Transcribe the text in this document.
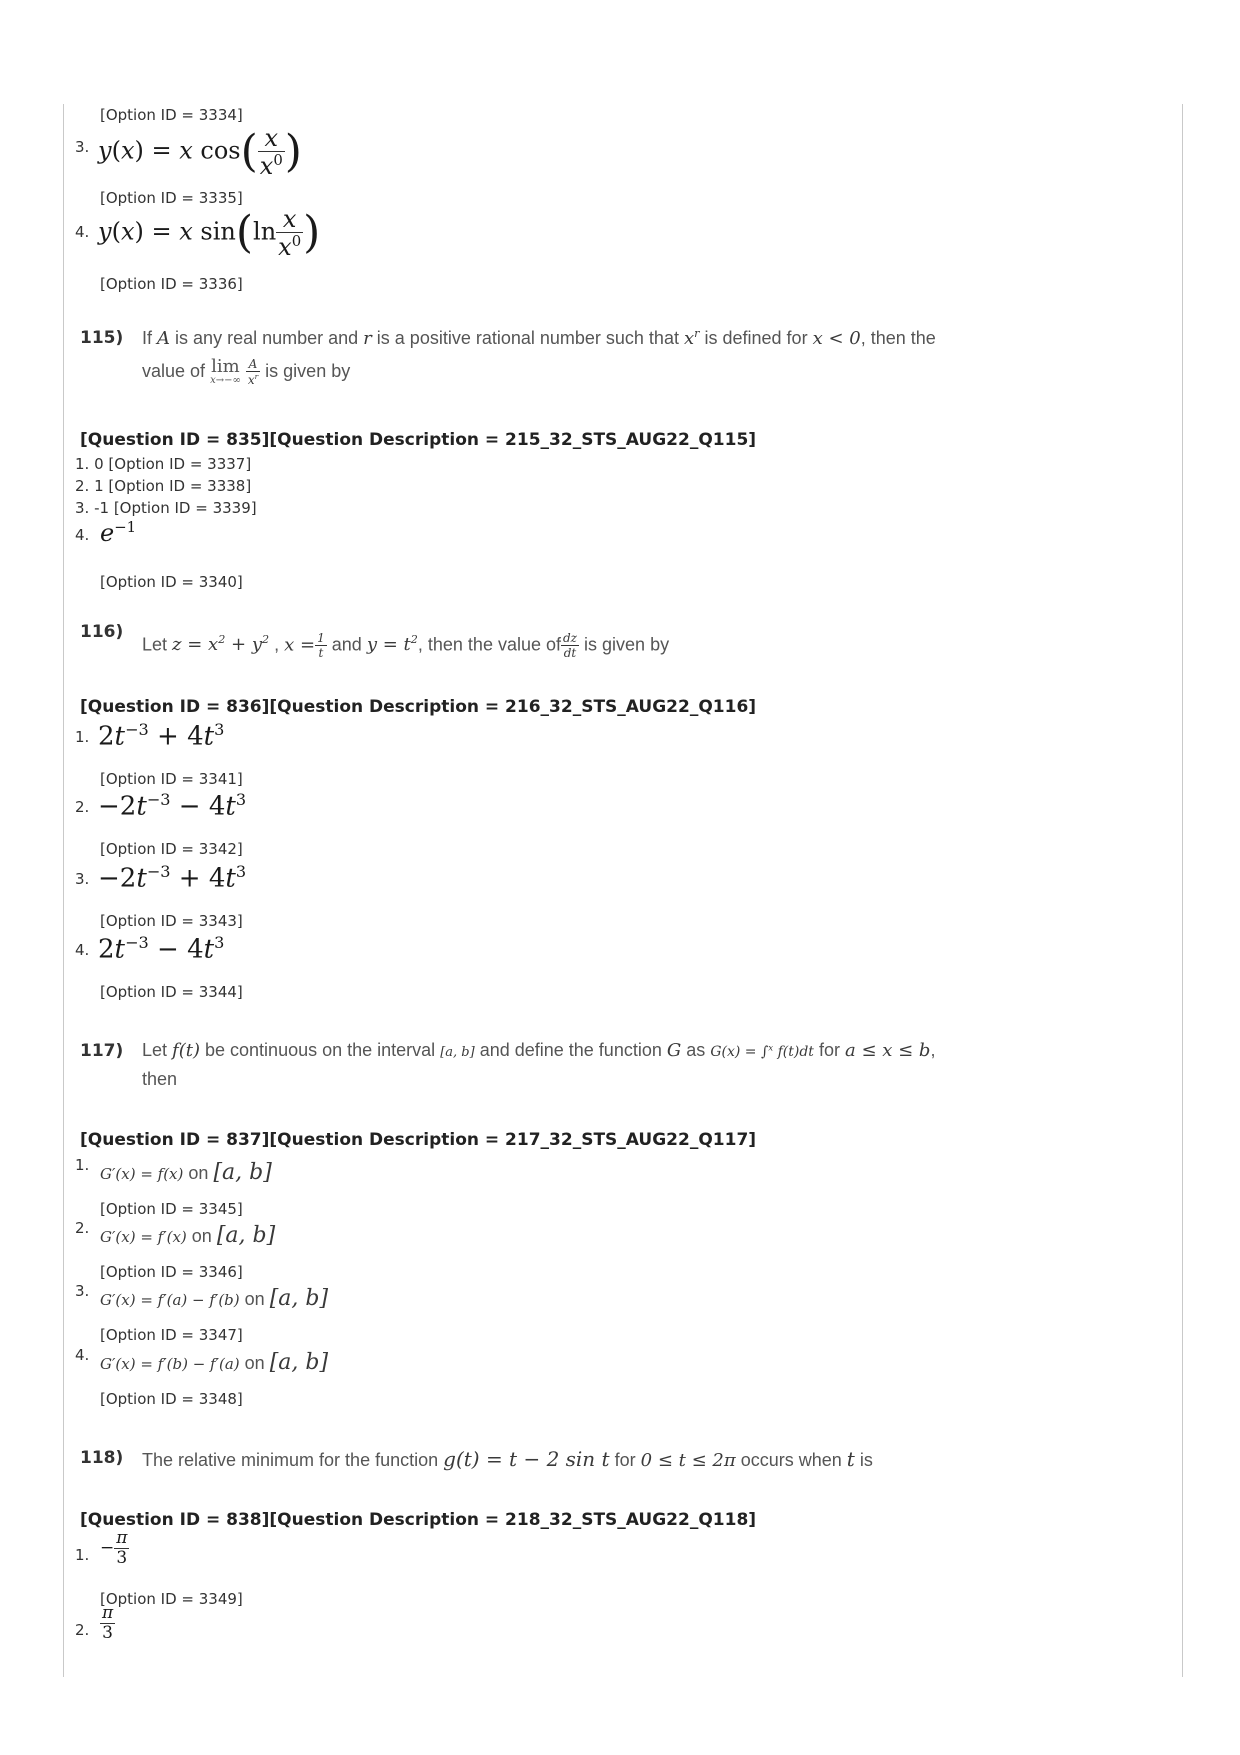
[Option ID = 3334]
3. y(x) = x $\cos( \frac{x}{x^0}$ )
[Option ID = 3335]
4. y(x) = x $\sin(\ln \frac{x}{x^0}$ )
[Option ID = 3336]
115) If A is any real number and r is a positive rational number such that $x^r$ is defined for x < 0, then the
value of lim
x→−∞
$\frac{A}{x^r}$ is given by
[Question ID = 835][Question Description = 215_32_STS_AUG22_Q115]
1. 0 [Option ID = 3337]
2. 1 [Option ID = 3338]
3. -1 [Option ID = 3339]
4. $e^{-1}$
[Option ID = 3340]
116)
Let $z = x^2 + y^2$ , $x = \frac{1}{t}$ and $y = t^2$, then the value of $\frac{dz}{dt}$ is given by
[Question ID = 836][Question Description = 216_32_STS_AUG22_Q116]
1. $2t^{-3} + 4t^3$
[Option ID = 3341]
2. $-2t^{-3} - 4t^3$
[Option ID = 3342]
3. $-2t^{-3} + 4t^3$
[Option ID = 3343]
4. $2t^{-3} - 4t^3$
[Option ID = 3344]
117) Let f(t) be continuous on the interval [a, b] and define the function G as G(x) = ∫$^x$ f(t)dt for a ≤ x ≤ b,
then
[Question ID = 837][Question Description = 217_32_STS_AUG22_Q117]
1. G′(x) = f(x) on [a, b]
[Option ID = 3345]
2. G′(x) = f′(x) on [a, b]
[Option ID = 3346]
3. G′(x) = f′(a) − f′(b) on [a, b]
[Option ID = 3347]
4. G′(x) = f′(b) − f′(a) on [a, b]
[Option ID = 3348]
118) The relative minimum for the function g(t) = t − 2 sin t for 0 ≤ t ≤ 2π occurs when t is
[Question ID = 838][Question Description = 218_32_STS_AUG22_Q118]
1. − $\frac{\pi}{3}$
[Option ID = 3349]
2. $\frac{\pi}{3}$
